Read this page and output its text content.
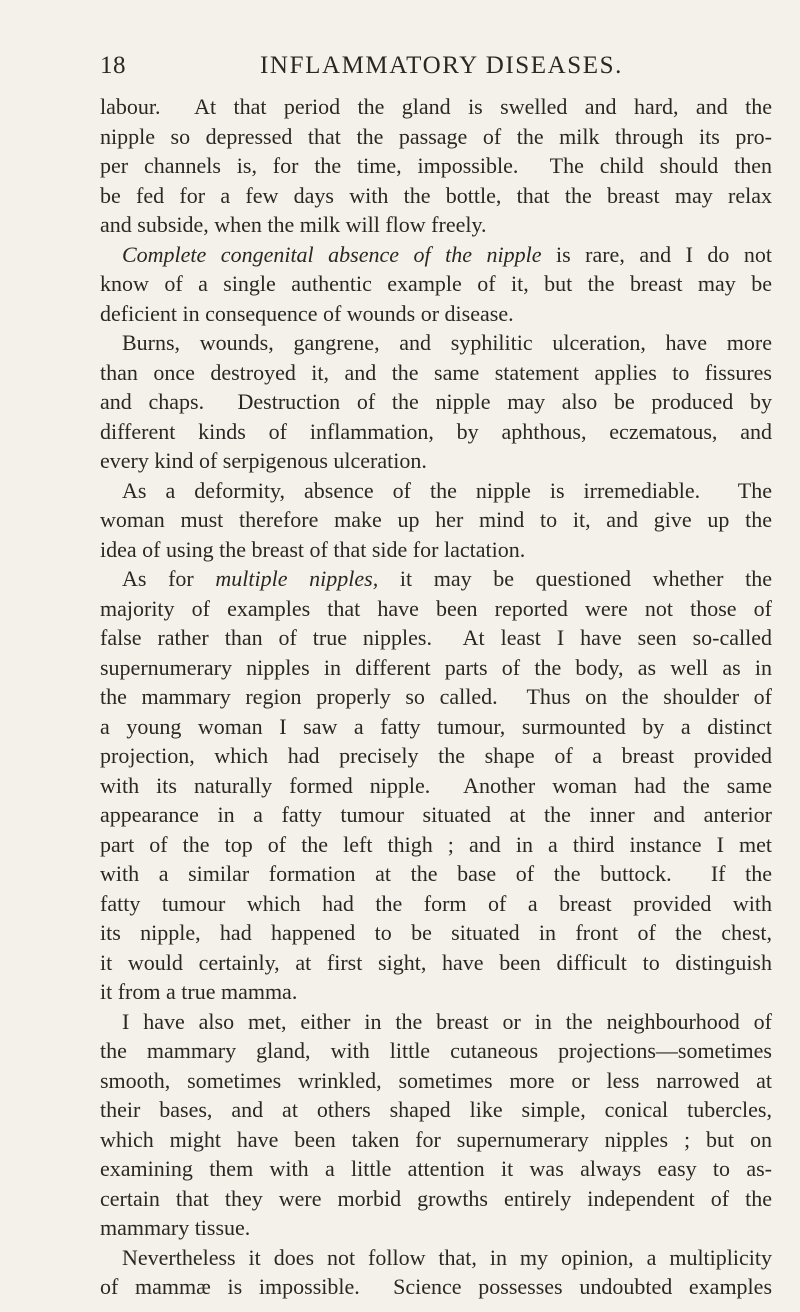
18	INFLAMMATORY DISEASES.
labour.  At that period the gland is swelled and hard, and the
nipple so depressed that the passage of the milk through its pro-
per channels is, for the time, impossible.  The child should then
be fed for a few days with the bottle, that the breast may relax
and subside, when the milk will flow freely.
Complete congenital absence of the nipple is rare, and I do not
know of a single authentic example of it, but the breast may be
deficient in consequence of wounds or disease.
Burns, wounds, gangrene, and syphilitic ulceration, have more
than once destroyed it, and the same statement applies to fissures
and chaps.  Destruction of the nipple may also be produced by
different kinds of inflammation, by aphthous, eczematous, and
every kind of serpigenous ulceration.
As a deformity, absence of the nipple is irremediable.  The
woman must therefore make up her mind to it, and give up the
idea of using the breast of that side for lactation.
As for multiple nipples, it may be questioned whether the
majority of examples that have been reported were not those of
false rather than of true nipples.  At least I have seen so-called
supernumerary nipples in different parts of the body, as well as in
the mammary region properly so called.  Thus on the shoulder of
a young woman I saw a fatty tumour, surmounted by a distinct
projection, which had precisely the shape of a breast provided
with its naturally formed nipple.  Another woman had the same
appearance in a fatty tumour situated at the inner and anterior
part of the top of the left thigh ; and in a third instance I met
with a similar formation at the base of the buttock.  If the
fatty tumour which had the form of a breast provided with
its nipple, had happened to be situated in front of the chest,
it would certainly, at first sight, have been difficult to distinguish
it from a true mamma.
I have also met, either in the breast or in the neighbourhood of
the mammary gland, with little cutaneous projections—sometimes
smooth, sometimes wrinkled, sometimes more or less narrowed at
their bases, and at others shaped like simple, conical tubercles,
which might have been taken for supernumerary nipples ; but on
examining them with a little attention it was always easy to as-
certain that they were morbid growths entirely independent of the
mammary tissue.
Nevertheless it does not follow that, in my opinion, a multiplicity
of mammæ is impossible.  Science possesses undoubted examples
